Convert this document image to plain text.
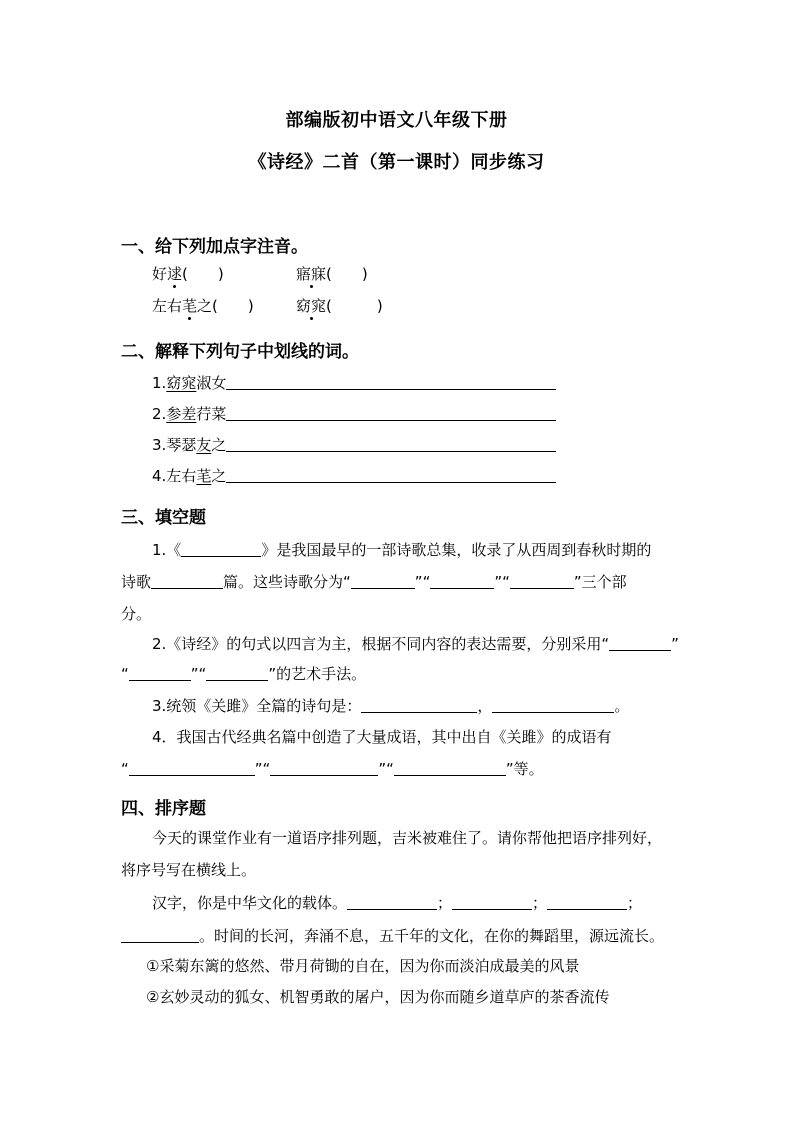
部编版初中语文八年级下册
《诗经》二首（第一课时）同步练习
一、给下列加点字注音。
好逑(　　)	寤寐(　　)
左右芼之(　　)	窈窕(　　　)
二、解释下列句子中划线的词。
1.窈窕淑女
2.参差荇菜
3.琴瑟友之
4.左右芼之
三、填空题
1.《	》是我国最早的一部诗歌总集，收录了从西周到春秋时期的
诗歌	篇。这些诗歌分为“	”“	”“	”三个部
分。
2.《诗经》的句式以四言为主，根据不同内容的表达需要，分别采用“	”
“	”“	”的艺术手法。
3.统领《关雎》全篇的诗句是：	，	。
4．我国古代经典名篇中创造了大量成语，其中出自《关雎》的成语有
“	”“	”“	”等。
四、排序题
今天的课堂作业有一道语序排列题，吉米被难住了。请你帮他把语序排列好，
将序号写在横线上。
汉字，你是中华文化的载体。	；	；	；
。时间的长河，奔涌不息，五千年的文化，在你的舞蹈里，源远流长。
①采菊东篱的悠然、带月荷锄的自在，因为你而淡泊成最美的风景
②玄妙灵动的狐女、机智勇敢的屠户，因为你而随乡道草庐的茶香流传
